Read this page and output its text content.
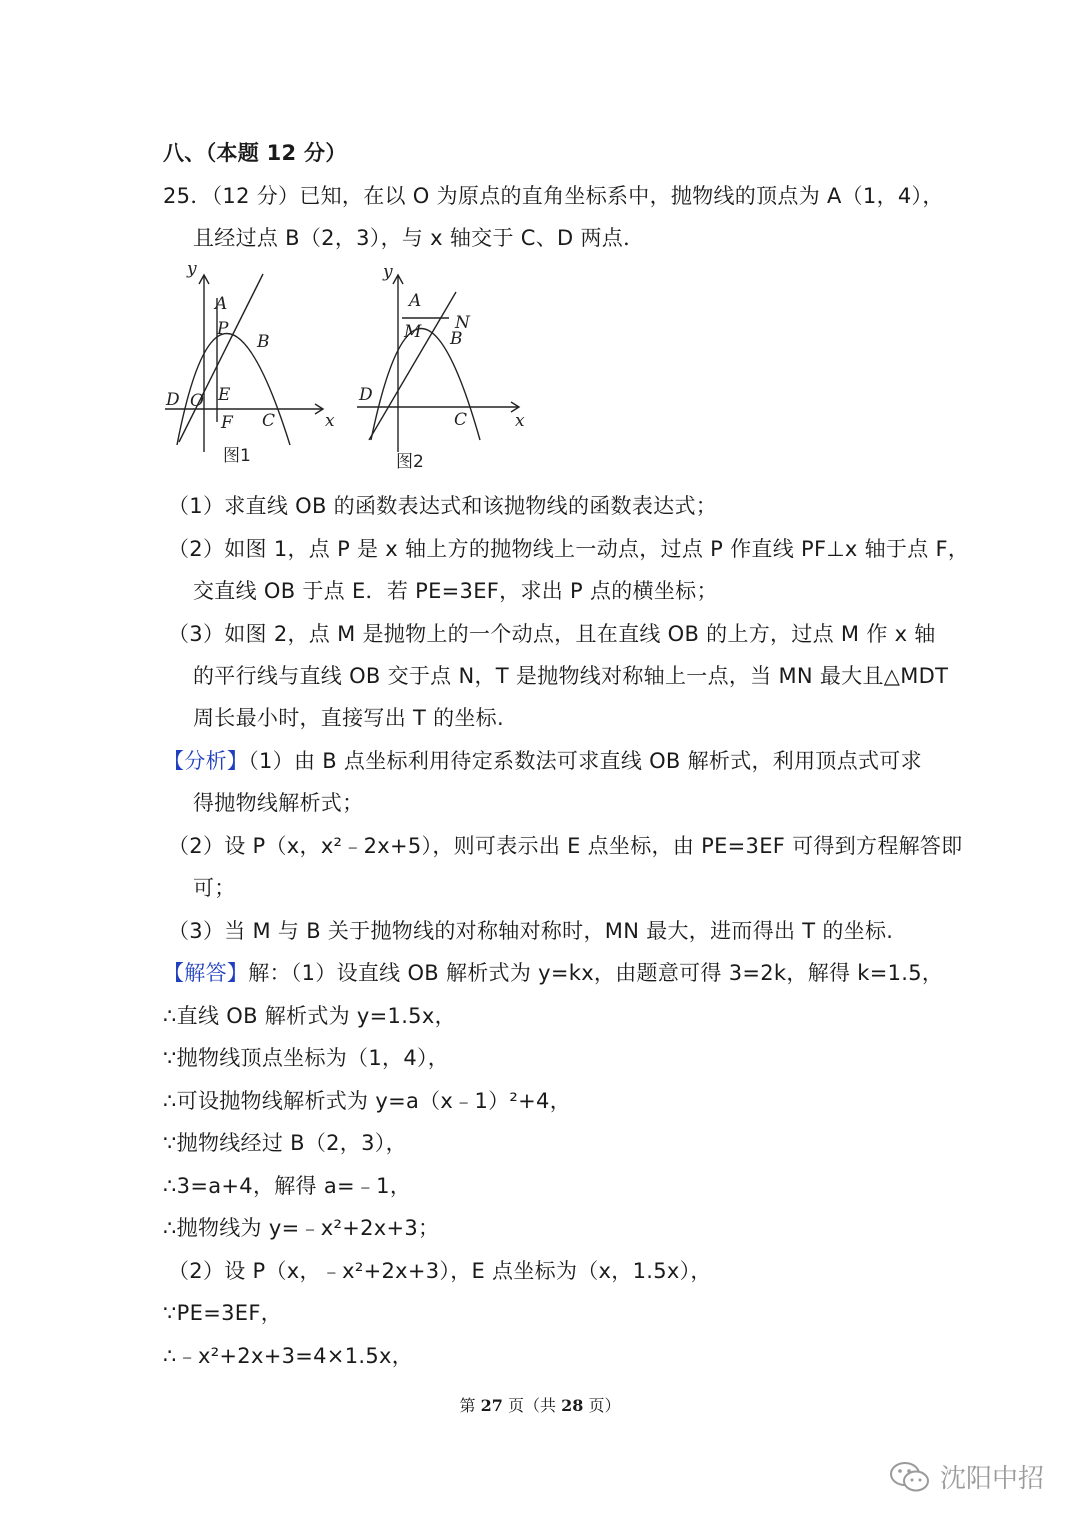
八、（本题 12 分）
25．（12 分）已知，在以 O 为原点的直角坐标系中，抛物线的顶点为 A（1，4），
且经过点 B（2，3），与 x 轴交于 C、D 两点．
y
x
A
P
B
D O E
F C
图1
y
x
A
M N
B
D
C
图2
（1）求直线 OB 的函数表达式和该抛物线的函数表达式；
（2）如图 1，点 P 是 x 轴上方的抛物线上一动点，过点 P 作直线 PF⊥x 轴于点 F，
交直线 OB 于点 E．若 PE=3EF，求出 P 点的横坐标；
（3）如图 2，点 M 是抛物上的一个动点，且在直线 OB 的上方，过点 M 作 x 轴
的平行线与直线 OB 交于点 N，T 是抛物线对称轴上一点，当 MN 最大且△MDT
周长最小时，直接写出 T 的坐标.
【分析】（1）由 B 点坐标利用待定系数法可求直线 OB 解析式，利用顶点式可求
得抛物线解析式；
（2）设 P（x，x²﹣2x+5），则可表示出 E 点坐标，由 PE=3EF 可得到方程解答即
可；
（3）当 M 与 B 关于抛物线的对称轴对称时，MN 最大，进而得出 T 的坐标.
【解答】解：（1）设直线 OB 解析式为 y=kx，由题意可得 3=2k，解得 k=1.5，
∴直线 OB 解析式为 y=1.5x，
∵抛物线顶点坐标为（1，4），
∴可设抛物线解析式为 y=a（x﹣1）²+4，
∵抛物线经过 B（2，3），
∴3=a+4，解得 a=﹣1，
∴抛物线为 y=﹣x²+2x+3；
（2）设 P（x，﹣x²+2x+3），E 点坐标为（x，1.5x），
∵PE=3EF，
∴﹣x²+2x+3=4×1.5x，
第 27 页（共 28 页）
沈阳中招
